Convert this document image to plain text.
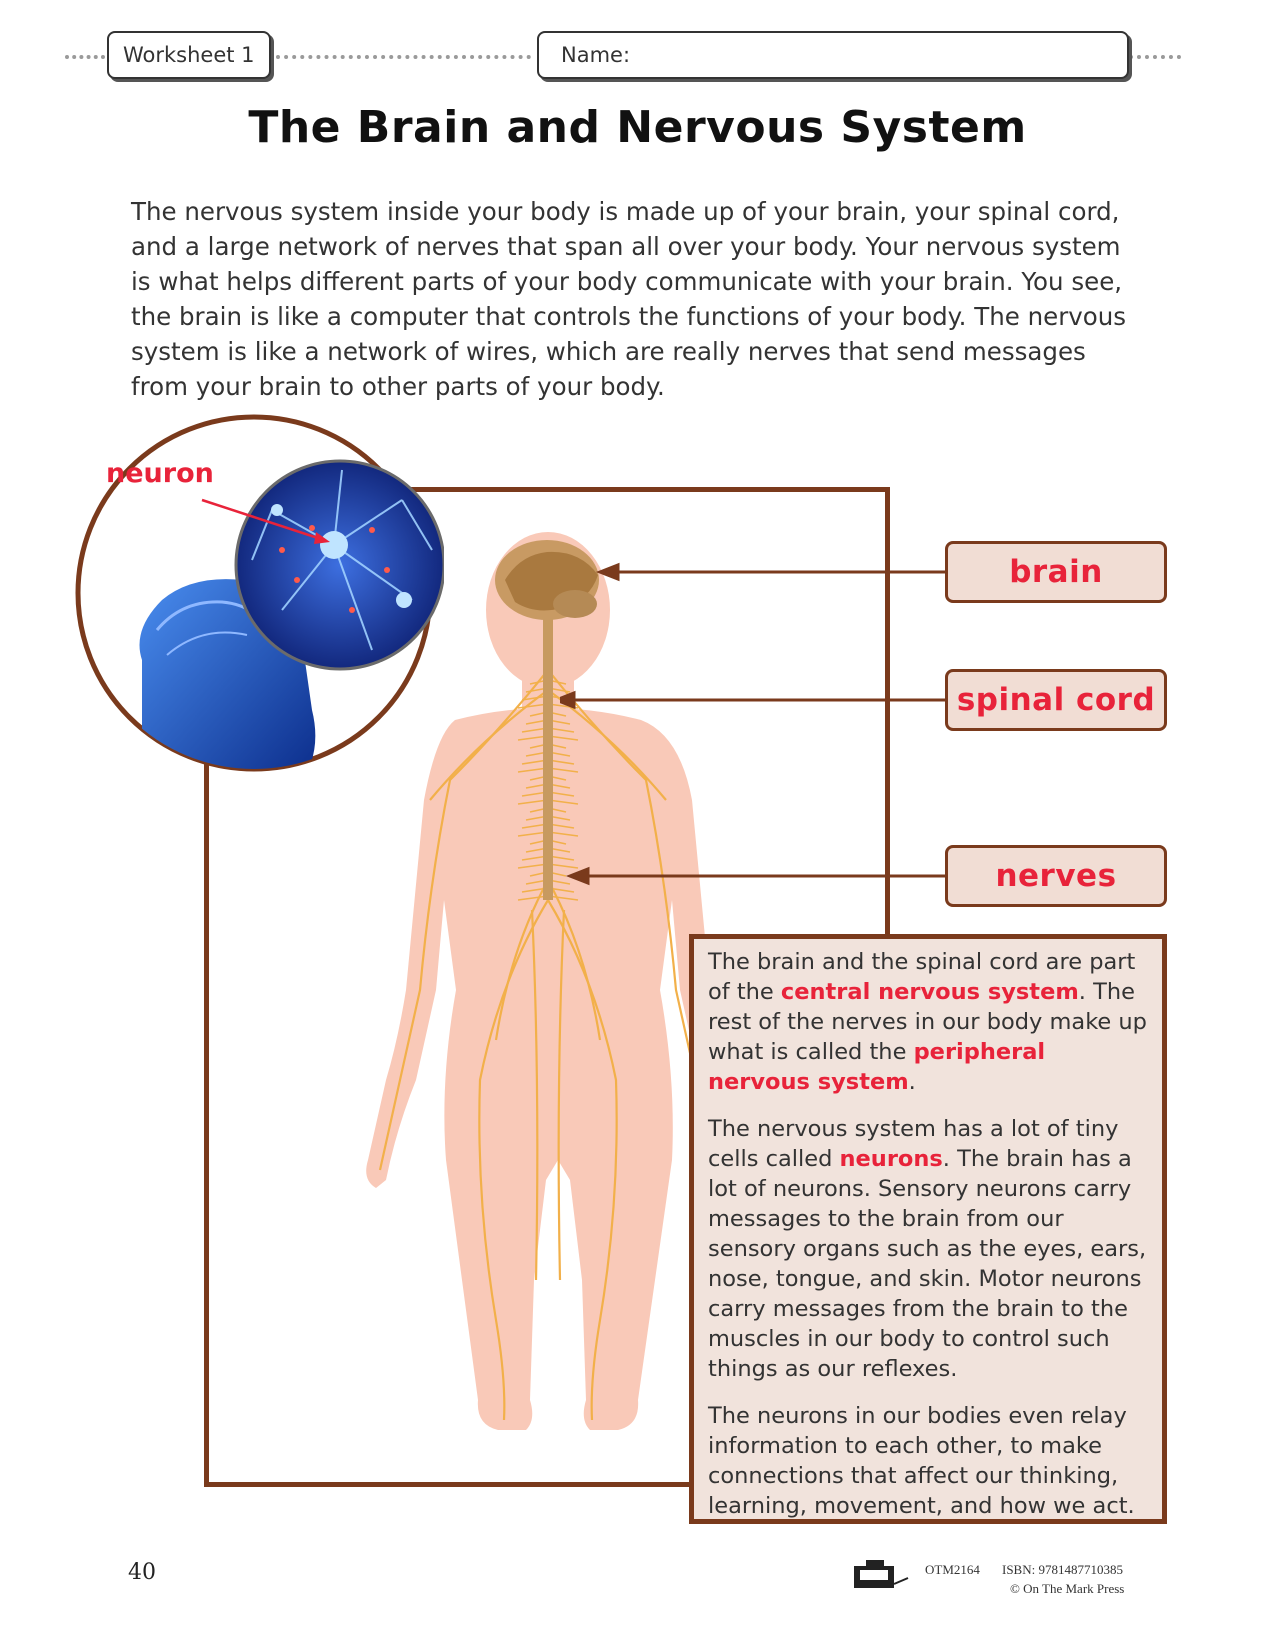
Worksheet 1	Name:
The Brain and Nervous System
The nervous system inside your body is made up of your brain, your spinal cord, and a large network of nerves that span all over your body. Your nervous system is what helps different parts of your body communicate with your brain. You see, the brain is like a computer that controls the functions of your body. The nervous system is like a network of wires, which are really nerves that send messages from your brain to other parts of your body.
brain
spinal cord
nerves
neuron

The brain and the spinal cord are part of the central nervous system. The rest of the nerves in our body make up what is called the peripheral nervous system.

The nervous system has a lot of tiny cells called neurons. The brain has a lot of neurons. Sensory neurons carry messages to the brain from our sensory organs such as the eyes, ears, nose, tongue, and skin. Motor neurons carry messages from the brain to the muscles in our body to control such things as our reflexes.

The neurons in our bodies even relay information to each other, to make connections that affect our thinking, learning, movement, and how we act.

40	OTM2164 ISBN: 9781487710385
© On The Mark Press
